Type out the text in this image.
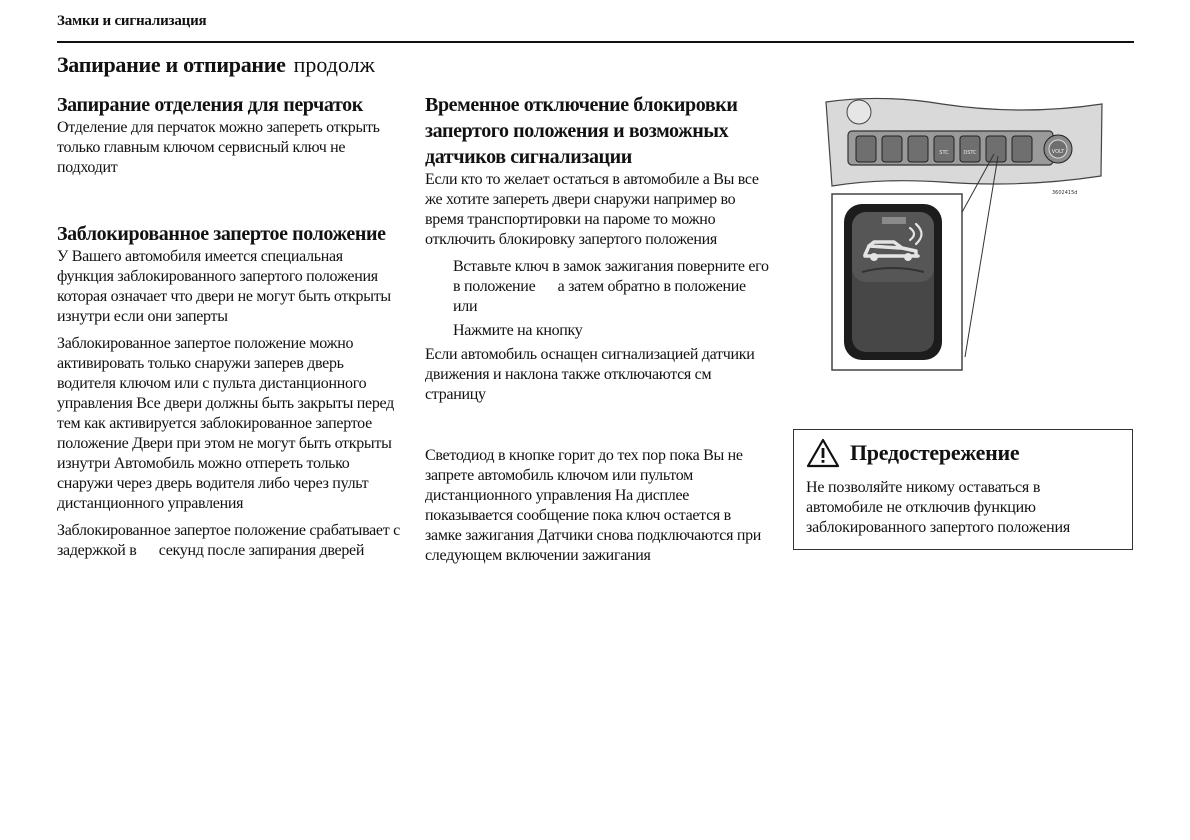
Замки и сигнализация
Запирание и отпирание продолж
Запирание отделения для перчаток

Отделение для перчаток можно запереть открыть только главным ключом сервисный ключ не подходит

Заблокированное запертое положение

У Вашего автомобиля имеется специальная функция заблокированного запертого положения которая означает что двери не могут быть открыты изнутри если они заперты

Заблокированное запертое положение можно активировать только снаружи заперев дверь водителя ключом или с пульта дистанционного управления Все двери должны быть закрыты перед тем как активируется заблокированное запертое положение Двери при этом не могут быть открыты изнутри Автомобиль можно отпереть только снаружи через дверь водителя либо через пульт дистанционного управления

Заблокированное запертое положение срабатывает с задержкой в      секунд после запирания дверей

Временное отключение блокировки запертого положения и возможных датчиков сигнализации

Если кто то желает остаться в автомобиле а Вы все же хотите запереть двери снаружи например во время транспортировки на пароме то можно отключить блокировку запертого положения

Вставьте ключ в замок зажигания поверните его в положение      а затем обратно в положение   или

Нажмите на кнопку

Если автомобиль оснащен сигнализацией датчики движения и наклона также отключаются см страницу

Светодиод в кнопке горит до тех пор пока Вы не запрете автомобиль ключом или пультом дистанционного управления На дисплее показывается сообщение пока ключ остается в замке зажигания Датчики снова подключаются при следующем включении зажигания

STC	DSTC	VOLT
3602415d
Предостережение
Не позволяйте никому оставаться в автомобиле не отключив функцию заблокированного запертого положения
